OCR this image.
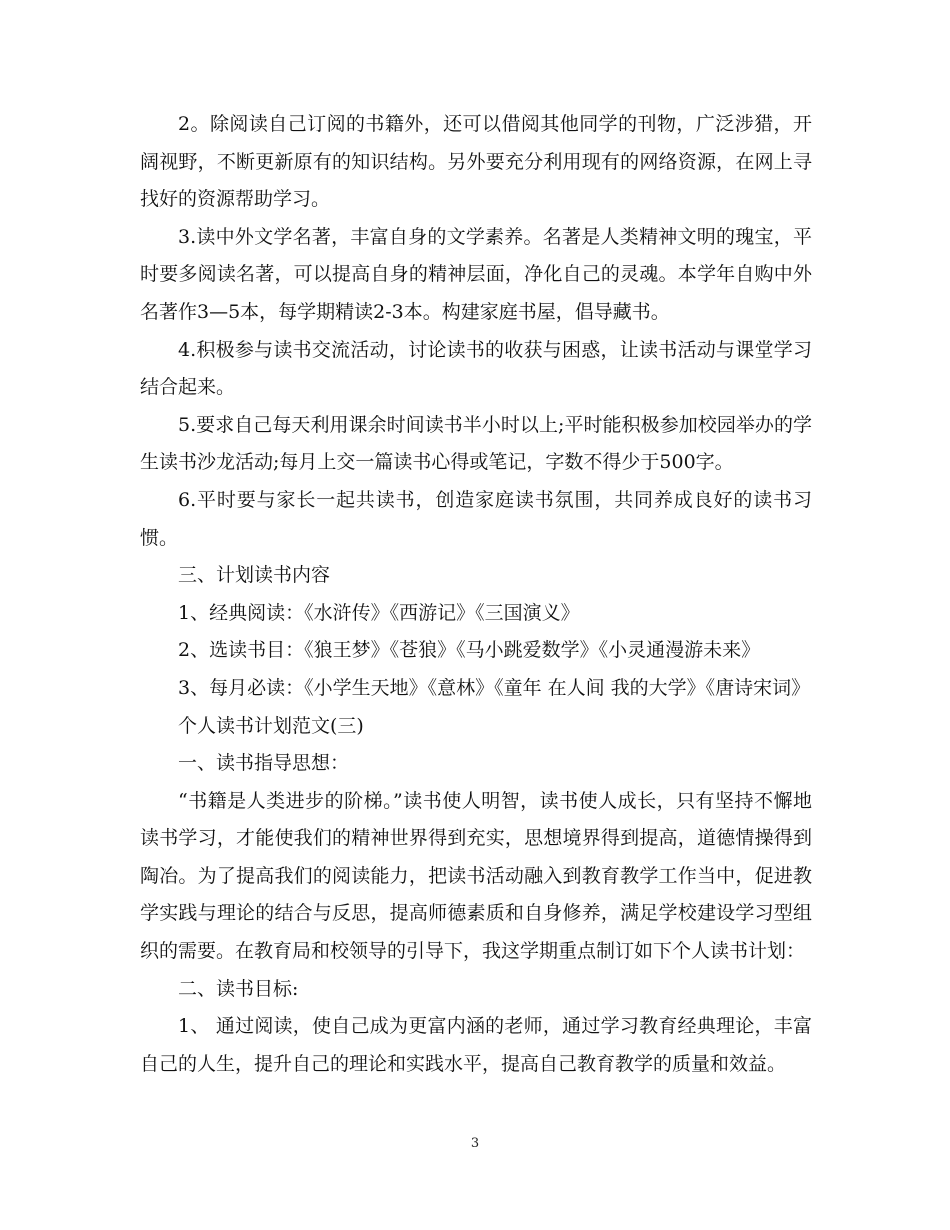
2。除阅读自己订阅的书籍外，还可以借阅其他同学的刊物，广泛涉猎，开阔视野，不断更新原有的知识结构。另外要充分利用现有的网络资源，在网上寻找好的资源帮助学习。

3.读中外文学名著，丰富自身的文学素养。名著是人类精神文明的瑰宝，平时要多阅读名著，可以提高自身的精神层面，净化自己的灵魂。本学年自购中外名著作3—5本，每学期精读2-3本。构建家庭书屋，倡导藏书。

4.积极参与读书交流活动，讨论读书的收获与困惑，让读书活动与课堂学习结合起来。

5.要求自己每天利用课余时间读书半小时以上;平时能积极参加校园举办的学生读书沙龙活动;每月上交一篇读书心得或笔记，字数不得少于500字。

6.平时要与家长一起共读书，创造家庭读书氛围，共同养成良好的读书习惯。

三、计划读书内容

1、经典阅读：《水浒传》《西游记》《三国演义》

2、选读书目：《狼王梦》《苍狼》《马小跳爱数学》《小灵通漫游未来》

3、每月必读：《小学生天地》《意林》《童年 在人间 我的大学》《唐诗宋词》

个人读书计划范文(三)

一、读书指导思想：

“书籍是人类进步的阶梯。”读书使人明智，读书使人成长，只有坚持不懈地读书学习，才能使我们的精神世界得到充实，思想境界得到提高，道德情操得到陶冶。为了提高我们的阅读能力，把读书活动融入到教育教学工作当中，促进教学实践与理论的结合与反思，提高师德素质和自身修养，满足学校建设学习型组织的需要。在教育局和校领导的引导下，我这学期重点制订如下个人读书计划：

二、读书目标:

1、 通过阅读，使自己成为更富内涵的老师，通过学习教育经典理论，丰富自己的人生，提升自己的理论和实践水平，提高自己教育教学的质量和效益。

3
